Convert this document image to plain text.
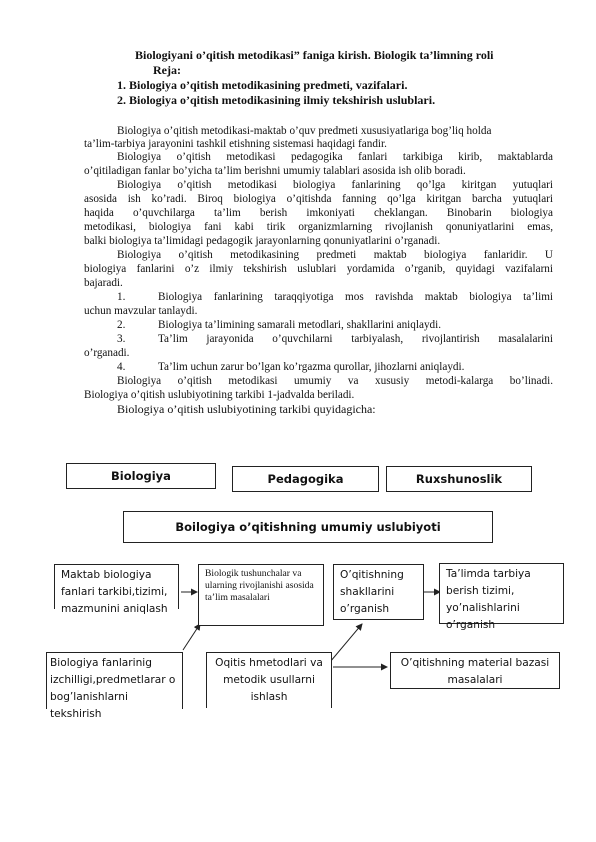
Biologiyani o’qitish metodikasi” faniga kirish. Biologik ta’limning roli
Reja:
1. Biologiya o’qitish metodikasining predmeti, vazifalari.
2. Biologiya o’qitish metodikasining ilmiy tekshirish uslublari.
Biologiya o’qitish metodikasi-maktab o’quv predmeti xususiyatlariga bog’liq holda
ta’lim-tarbiya jarayonini tashkil etishning sistemasi haqidagi fandir.
Biologiya o’qitish metodikasi pedagogika fanlari tarkibiga kirib, maktablarda
o’qitiladigan fanlar bo’yicha ta’lim berishni umumiy talablari asosida ish olib boradi.
Biologiya o’qitish metodikasi biologiya fanlarining qo’lga kiritgan yutuqlari
asosida ish ko’radi. Biroq biologiya o’qitishda fanning qo’lga kiritgan barcha yutuqlari
haqida o’quvchilarga ta’lim berish imkoniyati cheklangan. Binobarin biologiya
metodikasi, biologiya fani kabi tirik organizmlarning rivojlanish qonuniyatlarini emas,
balki biologiya ta’limidagi pedagogik jarayonlarning qonuniyatlarini o’rganadi.
Biologiya o’qitish metodikasining predmeti maktab biologiya fanlaridir. U
biologiya fanlarini o’z ilmiy tekshirish uslublari yordamida o’rganib, quyidagi vazifalarni
bajaradi.
1.	Biologiya fanlarining taraqqiyotiga mos ravishda maktab biologiya ta’limi
uchun mavzular tanlaydi.
2.	Biologiya ta’limining samarali metodlari, shakllarini aniqlaydi.
3.	Ta’lim jarayonida o’quvchilarni tarbiyalash, rivojlantirish masalalarini
o’rganadi.
4.	Ta’lim uchun zarur bo’lgan ko’rgazma qurollar, jihozlarni aniqlaydi.
Biologiya o’qitish metodikasi umumiy va xususiy metodi-kalarga bo’linadi.
Biologiya o’qitish uslubiyotining tarkibi 1-jadvalda beriladi.
Biologiya o’qitish uslubiyotining tarkibi quyidagicha:
Biologiya	Pedagogika	Ruxshunoslik
Boilogiya o’qitishning umumiy uslubiyoti
Maktab biologiya fanlari tarkibi,tizimi, mazmunini aniqlash
Biologik tushunchalar va ularning rivojlanishi asosida ta’lim masalalari
O’qitishning shakllarini o’rganish
Ta’limda tarbiya berish tizimi, yo’nalishlarini o’rganish
Biologiya fanlarinig izchilligi,predmetlarar o bog’lanishlarni tekshirish
Oqitis hmetodlari va metodik usullarni ishlash
O’qitishning material bazasi masalalari
